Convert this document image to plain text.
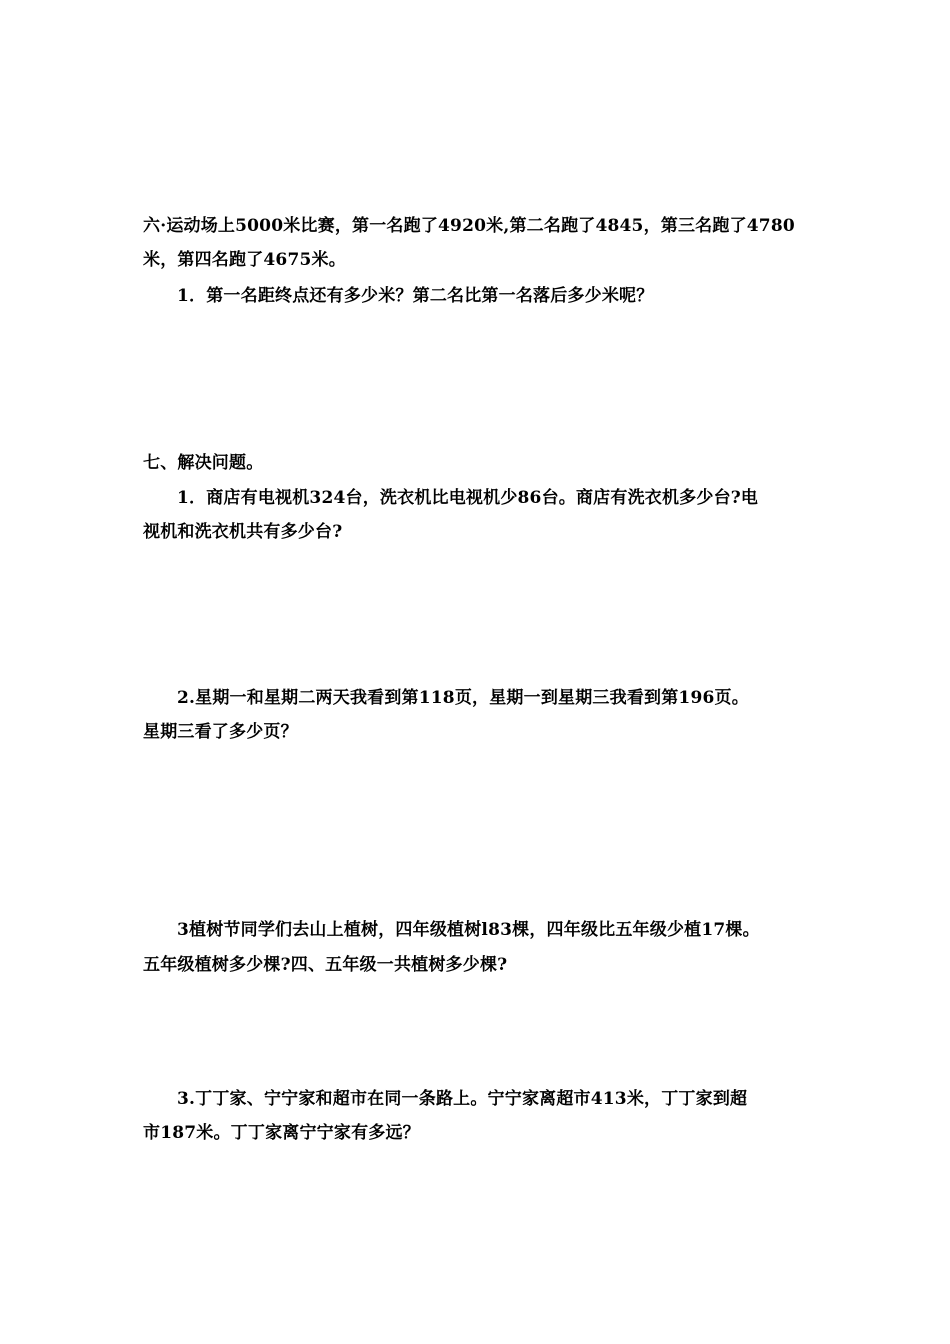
六·运动场上5000米比赛，第一名跑了4920米,第二名跑了4845，第三名跑了4780
米，第四名跑了4675米。
1．第一名距终点还有多少米？第二名比第一名落后多少米呢？
七、解决问题。
1．商店有电视机324台，洗衣机比电视机少86台。商店有洗衣机多少台?电
视机和洗衣机共有多少台?
2.星期一和星期二两天我看到第118页，星期一到星期三我看到第196页。
星期三看了多少页？
3植树节同学们去山上植树，四年级植树l83棵，四年级比五年级少植17棵。
五年级植树多少棵?四、五年级一共植树多少棵?
3.丁丁家、宁宁家和超市在同一条路上。宁宁家离超市413米，丁丁家到超
市187米。丁丁家离宁宁家有多远？
